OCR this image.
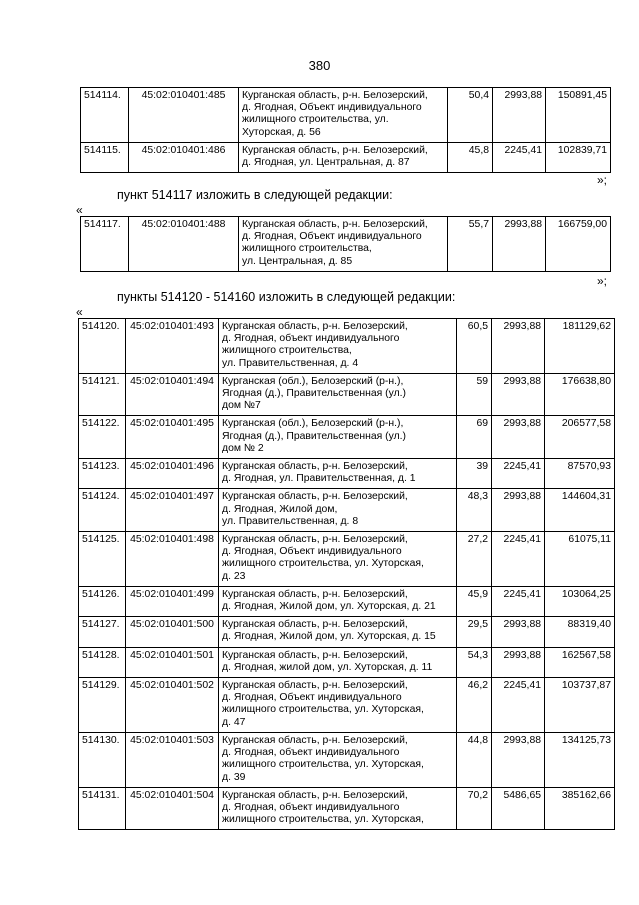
380
514114.	45:02:010401:485	Курганская область, р-н. Белозерский,
д. Ягодная, Объект индивидуального
жилищного строительства, ул.
Хуторская, д. 56	50,4	2993,88	150891,45
514115.	45:02:010401:486	Курганская область, р-н. Белозерский,
д. Ягодная, ул. Центральная, д. 87	45,8	2245,41	102839,71
»;
пункт 514117 изложить в следующей редакции:
«
514117.	45:02:010401:488	Курганская область, р-н. Белозерский,
д. Ягодная, Объект индивидуального
жилищного строительства,
ул. Центральная, д. 85
	55,7	2993,88	166759,00
»;
пункты 514120 - 514160 изложить в следующей редакции:
«
514120.	45:02:010401:493	Курганская область, р-н. Белозерский,
д. Ягодная, объект индивидуального
жилищного строительства,
ул. Правительственная, д. 4	60,5	2993,88	181129,62
514121.	45:02:010401:494	Курганская (обл.), Белозерский (р-н.),
Ягодная (д.), Правительственная (ул.)
дом №7	59	2993,88	176638,80
514122.	45:02:010401:495	Курганская (обл.), Белозерский (р-н.),
Ягодная (д.), Правительственная (ул.)
дом № 2	69	2993,88	206577,58
514123.	45:02:010401:496	Курганская область, р-н. Белозерский,
д. Ягодная, ул. Правительственная, д. 1	39	2245,41	87570,93
514124.	45:02:010401:497	Курганская область, р-н. Белозерский,
д. Ягодная, Жилой дом,
ул. Правительственная, д. 8	48,3	2993,88	144604,31
514125.	45:02:010401:498	Курганская область, р-н. Белозерский,
д. Ягодная, Объект индивидуального
жилищного строительства, ул. Хуторская,
д. 23	27,2	2245,41	61075,11
514126.	45:02:010401:499	Курганская область, р-н. Белозерский,
д. Ягодная, Жилой дом, ул. Хуторская, д. 21	45,9	2245,41	103064,25
514127.	45:02:010401:500	Курганская область, р-н. Белозерский,
д. Ягодная, Жилой дом, ул. Хуторская, д. 15	29,5	2993,88	88319,40
514128.	45:02:010401:501	Курганская область, р-н. Белозерский,
д. Ягодная, жилой дом, ул. Хуторская, д. 11	54,3	2993,88	162567,58
514129.	45:02:010401:502	Курганская область, р-н. Белозерский,
д. Ягодная, Объект индивидуального
жилищного строительства, ул. Хуторская,
д. 47	46,2	2245,41	103737,87
514130.	45:02:010401:503	Курганская область, р-н. Белозерский,
д. Ягодная, объект индивидуального
жилищного строительства, ул. Хуторская,
д. 39	44,8	2993,88	134125,73
514131.	45:02:010401:504	Курганская область, р-н. Белозерский,
д. Ягодная, объект индивидуального
жилищного строительства, ул. Хуторская,	70,2	5486,65	385162,66
